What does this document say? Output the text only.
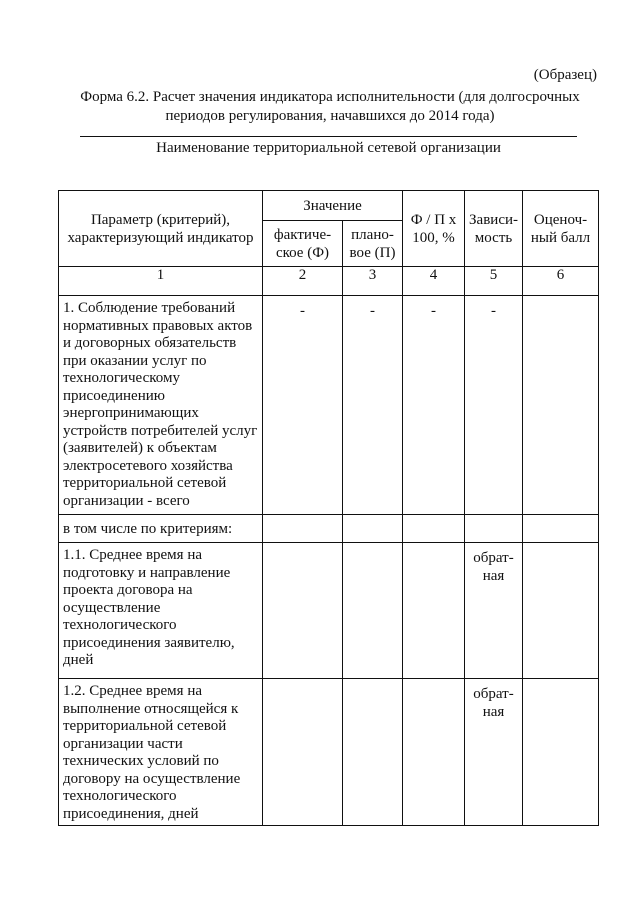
(Образец)
Форма 6.2. Расчет значения индикатора исполнительности (для долгосрочных
периодов регулирования, начавшихся до 2014 года)
Наименование территориальной сетевой организации
Параметр (критерий), характеризующий индикатор	Значение		Ф / П x 100, %	Зависи-мость	Оценоч-ный балл
	фактиче-ское (Ф)	плано-вое (П)			
1	2	3	4	5	6
1. Соблюдение требований нормативных правовых актов и договорных обязательств при оказании услуг по технологическому присоединению энергопринимающих устройств потребителей услуг (заявителей) к объектам электросетевого хозяйства территориальной сетевой организации - всего	-	-	-	-	
в том числе по критериям:					
1.1. Среднее время на подготовку и направление проекта договора на осуществление технологического присоединения заявителю, дней				обрат-ная	
1.2. Среднее время на выполнение относящейся к территориальной сетевой организации части технических условий по договору на осуществление технологического присоединения, дней				обрат-ная	
